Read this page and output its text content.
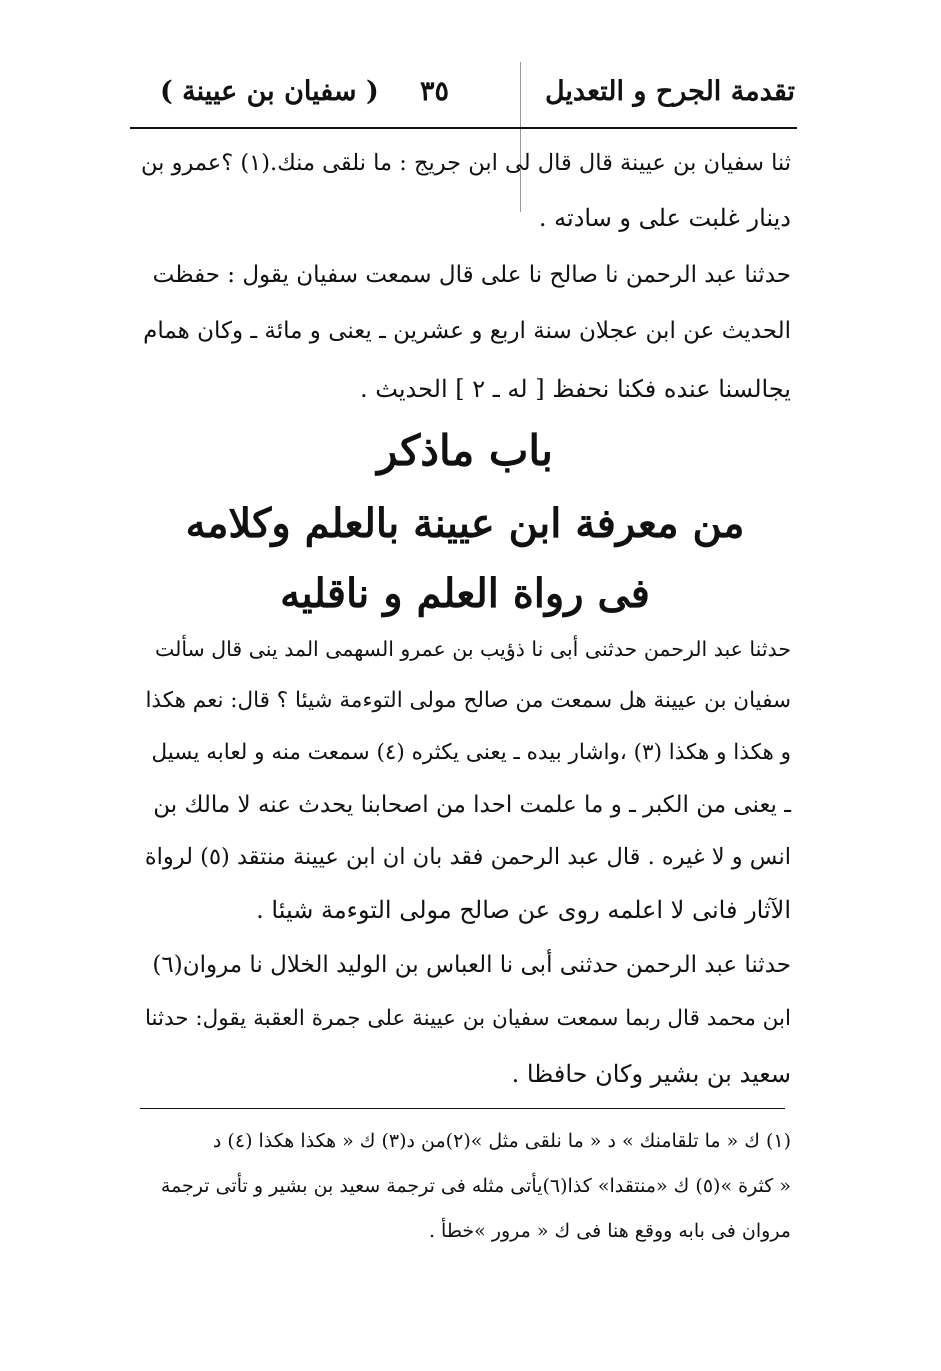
تقدمة الجرح و التعديل
٣٥
( سفيان بن عيينة )
ثنا سفيان بن عيينة قال قال لى ابن جريج : ما نلقى منك.(١) ؟عمرو بن
دينار غلبت على و سادته .
حدثنا عبد الرحمن نا صالح نا على قال سمعت سفيان يقول : حفظت
الحديث عن ابن عجلان سنة اربع و عشرين ـ يعنى و مائة ـ وكان همام
يجالسنا عنده فكنا نحفظ [ له ـ ٢ ] الحديث .
باب ماذكر
من معرفة ابن عيينة بالعلم وكلامه
فى رواة العلم و ناقليه
حدثنا عبد الرحمن حدثنى أبى نا ذؤيب بن عمرو السهمى المد ينى قال سألت
سفيان بن عيينة هل سمعت من صالح مولى التوءمة شيئا ؟ قال: نعم هكذا
و هكذا و هكذا (٣) ،واشار بيده ـ يعنى يكثره (٤) سمعت منه و لعابه يسيل
ـ يعنى من الكبر ـ و ما علمت احدا من اصحابنا يحدث عنه لا مالك بن
انس و لا غيره . قال عبد الرحمن فقد بان ان ابن عيينة منتقد (٥) لرواة
الآثار فانى لا اعلمه روى عن صالح مولى التوءمة شيئا .
حدثنا عبد الرحمن حدثنى أبى نا العباس بن الوليد الخلال نا مروان(٦)
ابن محمد قال ربما سمعت سفيان بن عيينة على جمرة العقبة يقول: حدثنا
سعيد بن بشير وكان حافظا .
(١) ك « ما تلقامنك » د « ما نلقى مثل »(٢)من د(٣) ك « هكذا هكذا (٤) د
« كثرة »(٥) ك «منتقدا» كذا(٦)يأتى مثله فى ترجمة سعيد بن بشير و تأتى ترجمة
مروان فى بابه ووقع هنا فى ك « مرور »خطأ .
